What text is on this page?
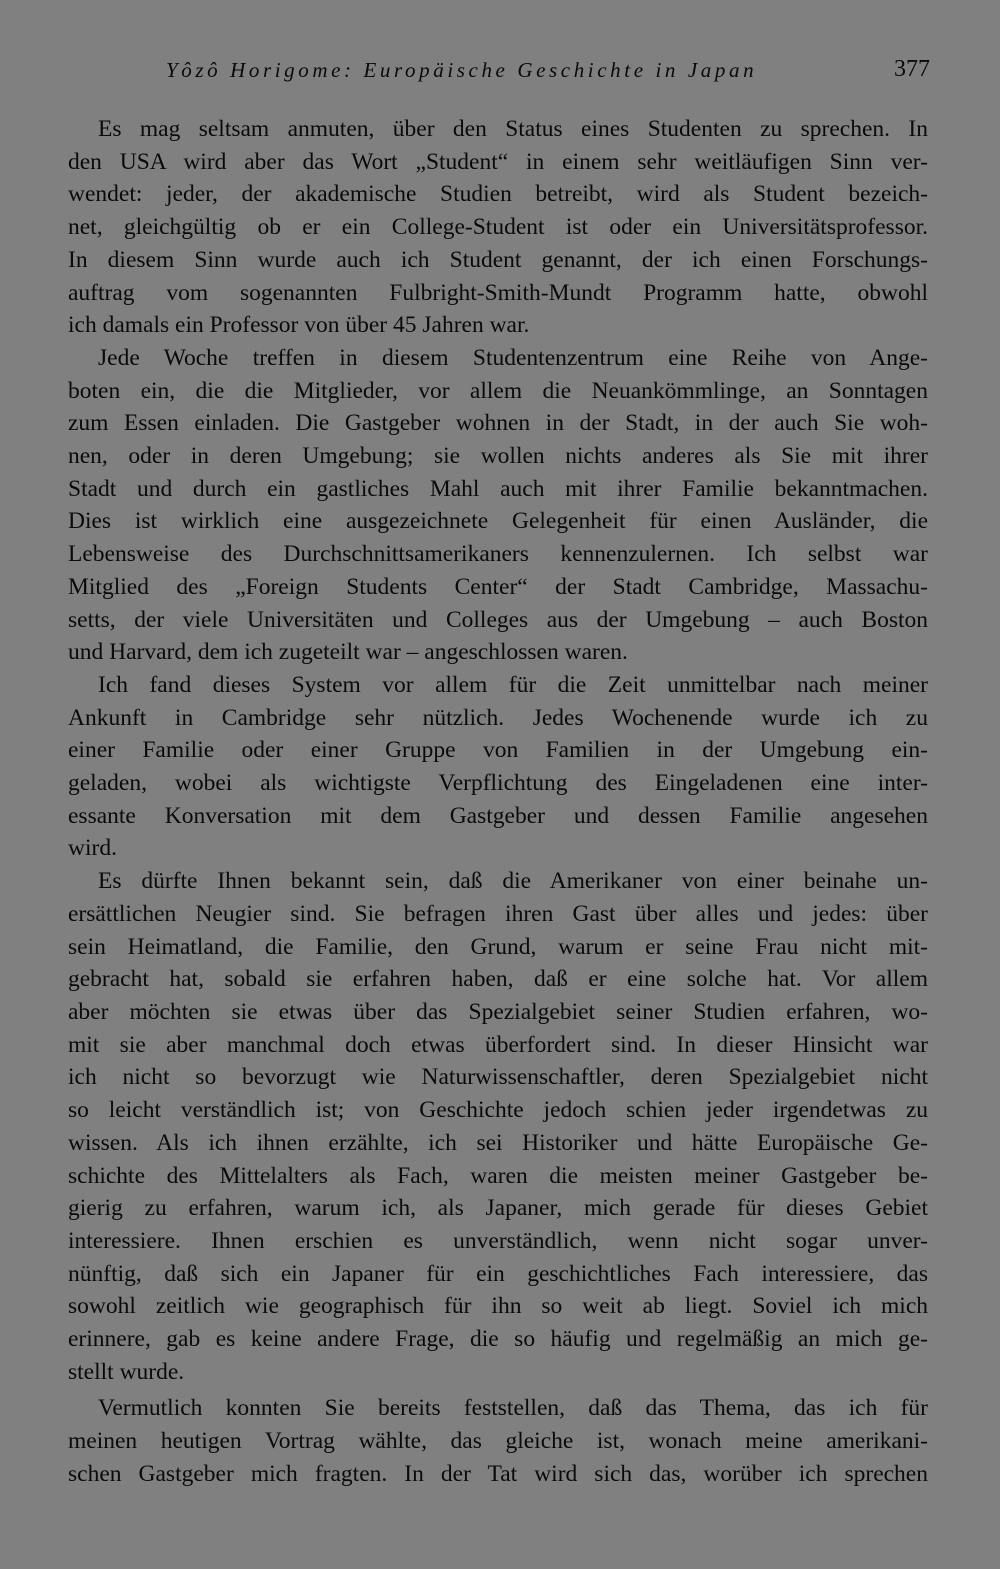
Yôzô Horigome: Europäische Geschichte in Japan	377
Es mag seltsam anmuten, über den Status eines Studenten zu sprechen. In
den USA wird aber das Wort „Student“ in einem sehr weitläufigen Sinn ver-
wendet: jeder, der akademische Studien betreibt, wird als Student bezeich-
net, gleichgültig ob er ein College-Student ist oder ein Universitätsprofessor.
In diesem Sinn wurde auch ich Student genannt, der ich einen Forschungs-
auftrag vom sogenannten Fulbright-Smith-Mundt Programm hatte, obwohl
ich damals ein Professor von über 45 Jahren war.
Jede Woche treffen in diesem Studentenzentrum eine Reihe von Ange-
boten ein, die die Mitglieder, vor allem die Neuankömmlinge, an Sonntagen
zum Essen einladen. Die Gastgeber wohnen in der Stadt, in der auch Sie woh-
nen, oder in deren Umgebung; sie wollen nichts anderes als Sie mit ihrer
Stadt und durch ein gastliches Mahl auch mit ihrer Familie bekanntmachen.
Dies ist wirklich eine ausgezeichnete Gelegenheit für einen Ausländer, die
Lebensweise des Durchschnittsamerikaners kennenzulernen. Ich selbst war
Mitglied des „Foreign Students Center“ der Stadt Cambridge, Massachu-
setts, der viele Universitäten und Colleges aus der Umgebung – auch Boston
und Harvard, dem ich zugeteilt war – angeschlossen waren.
Ich fand dieses System vor allem für die Zeit unmittelbar nach meiner
Ankunft in Cambridge sehr nützlich. Jedes Wochenende wurde ich zu
einer Familie oder einer Gruppe von Familien in der Umgebung ein-
geladen, wobei als wichtigste Verpflichtung des Eingeladenen eine inter-
essante Konversation mit dem Gastgeber und dessen Familie angesehen
wird.
Es dürfte Ihnen bekannt sein, daß die Amerikaner von einer beinahe un-
ersättlichen Neugier sind. Sie befragen ihren Gast über alles und jedes: über
sein Heimatland, die Familie, den Grund, warum er seine Frau nicht mit-
gebracht hat, sobald sie erfahren haben, daß er eine solche hat. Vor allem
aber möchten sie etwas über das Spezialgebiet seiner Studien erfahren, wo-
mit sie aber manchmal doch etwas überfordert sind. In dieser Hinsicht war
ich nicht so bevorzugt wie Naturwissenschaftler, deren Spezialgebiet nicht
so leicht verständlich ist; von Geschichte jedoch schien jeder irgendetwas zu
wissen. Als ich ihnen erzählte, ich sei Historiker und hätte Europäische Ge-
schichte des Mittelalters als Fach, waren die meisten meiner Gastgeber be-
gierig zu erfahren, warum ich, als Japaner, mich gerade für dieses Gebiet
interessiere. Ihnen erschien es unverständlich, wenn nicht sogar unver-
nünftig, daß sich ein Japaner für ein geschichtliches Fach interessiere, das
sowohl zeitlich wie geographisch für ihn so weit ab liegt. Soviel ich mich
erinnere, gab es keine andere Frage, die so häufig und regelmäßig an mich ge-
stellt wurde.
Vermutlich konnten Sie bereits feststellen, daß das Thema, das ich für
meinen heutigen Vortrag wählte, das gleiche ist, wonach meine amerikani-
schen Gastgeber mich fragten. In der Tat wird sich das, worüber ich sprechen
